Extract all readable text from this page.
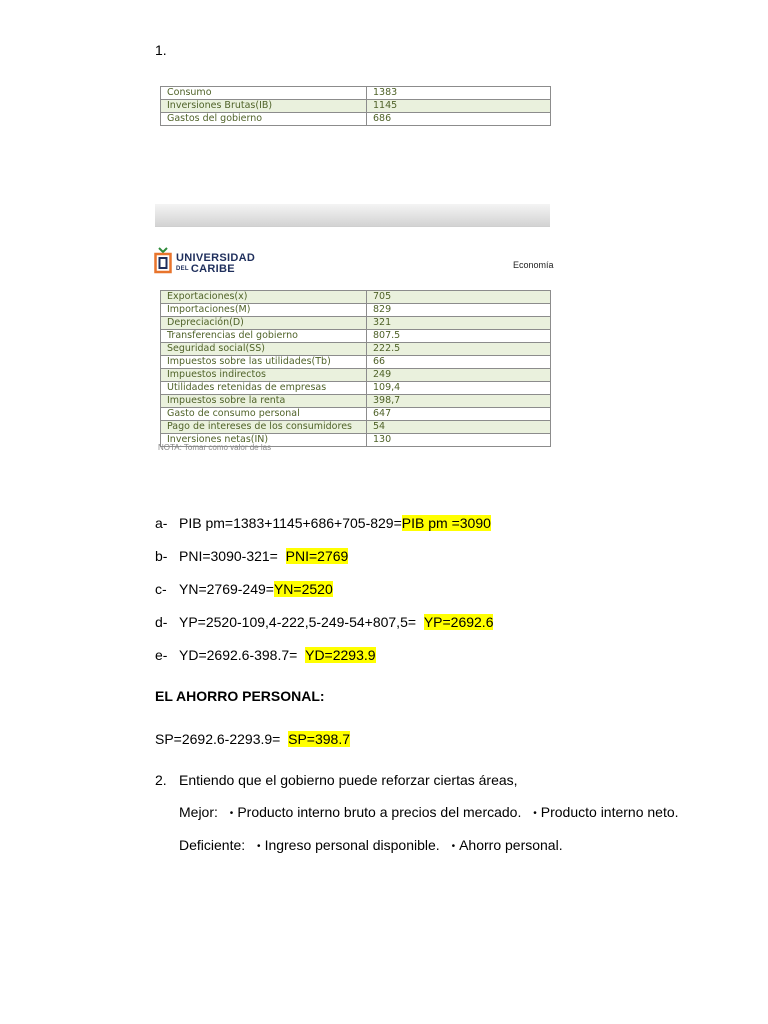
1.
Consumo	1383
Inversiones Brutas(IB)	1145
Gastos del gobierno	686
UNIVERSIDAD
DEL CARIBE	Economía
Exportaciones(x)	705
Importaciones(M)	829
Depreciación(D)	321
Transferencias del gobierno	807.5
Seguridad social(SS)	222.5
Impuestos sobre las utilidades(Tb)	66
Impuestos indirectos	249
Utilidades retenidas de empresas	109,4
Impuestos sobre la renta	398,7
Gasto de consumo personal	647
Pago de intereses de los consumidores	54
Inversiones netas(IN)	130
NOTA: Tomar como valor de las
a- PIB pm=1383+1145+686+705-829=PIB pm =3090
b- PNI=3090-321= PNI=2769
c- YN=2769-249=YN=2520
d- YP=2520-109,4-222,5-249-54+807,5= YP=2692.6
e- YD=2692.6-398.7= YD=2293.9
EL AHORRO PERSONAL:
SP=2692.6-2293.9= SP=398.7
2. Entiendo que el gobierno puede reforzar ciertas áreas,
Mejor: • Producto interno bruto a precios del mercado. • Producto interno neto.
Deficiente: • Ingreso personal disponible. • Ahorro personal.
